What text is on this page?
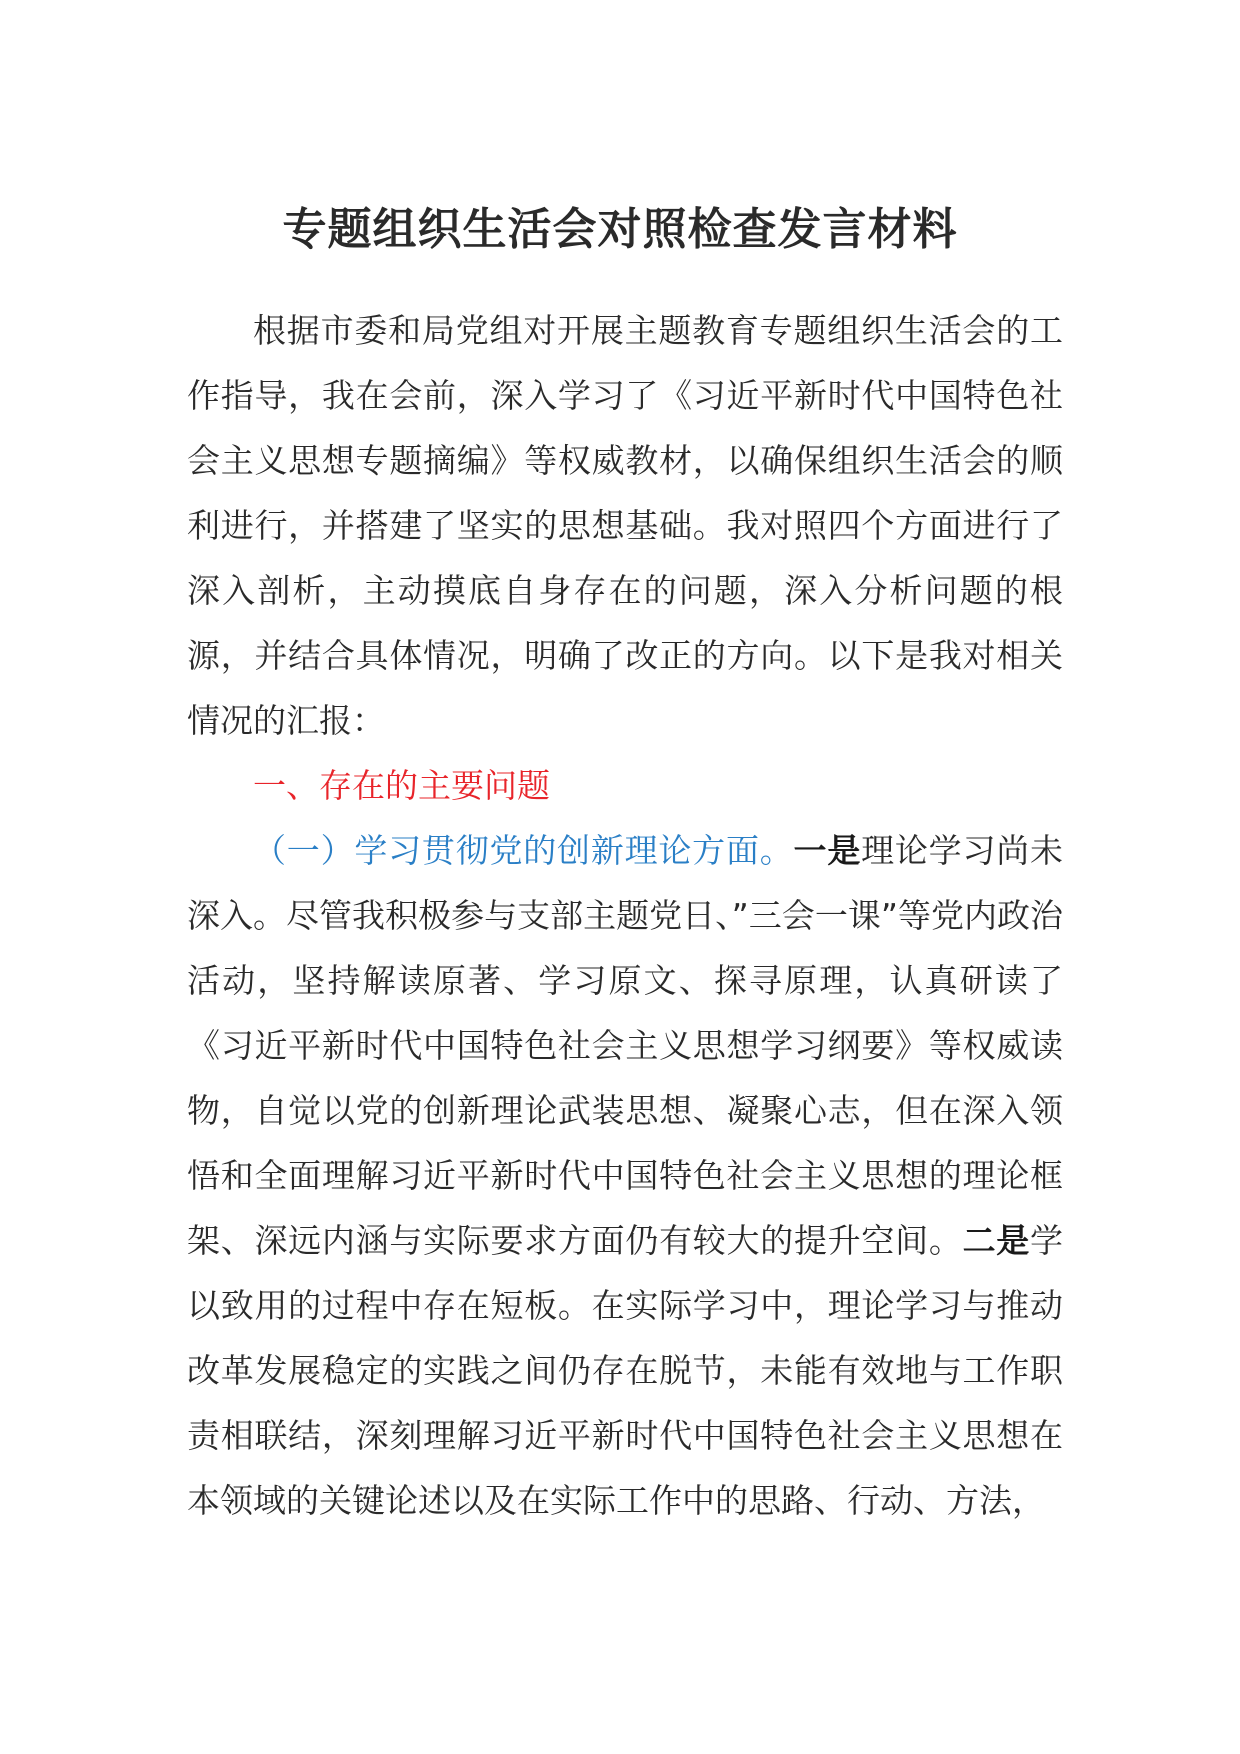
专题组织生活会对照检查发言材料

根据市委和局党组对开展主题教育专题组织生活会的工作指导，我在会前，深入学习了《习近平新时代中国特色社会主义思想专题摘编》等权威教材，以确保组织生活会的顺利进行，并搭建了坚实的思想基础。我对照四个方面进行了深入剖析，主动摸底自身存在的问题，深入分析问题的根源，并结合具体情况，明确了改正的方向。以下是我对相关情况的汇报：

一、存在的主要问题

（一）学习贯彻党的创新理论方面。一是理论学习尚未深入。尽管我积极参与支部主题党日、”三会一课”等党内政治活动，坚持解读原著、学习原文、探寻原理，认真研读了《习近平新时代中国特色社会主义思想学习纲要》等权威读物，自觉以党的创新理论武装思想、凝聚心志，但在深入领悟和全面理解习近平新时代中国特色社会主义思想的理论框架、深远内涵与实际要求方面仍有较大的提升空间。二是学以致用的过程中存在短板。在实际学习中，理论学习与推动改革发展稳定的实践之间仍存在脱节，未能有效地与工作职责相联结，深刻理解习近平新时代中国特色社会主义思想在本领域的关键论述以及在实际工作中的思路、行动、方法，
